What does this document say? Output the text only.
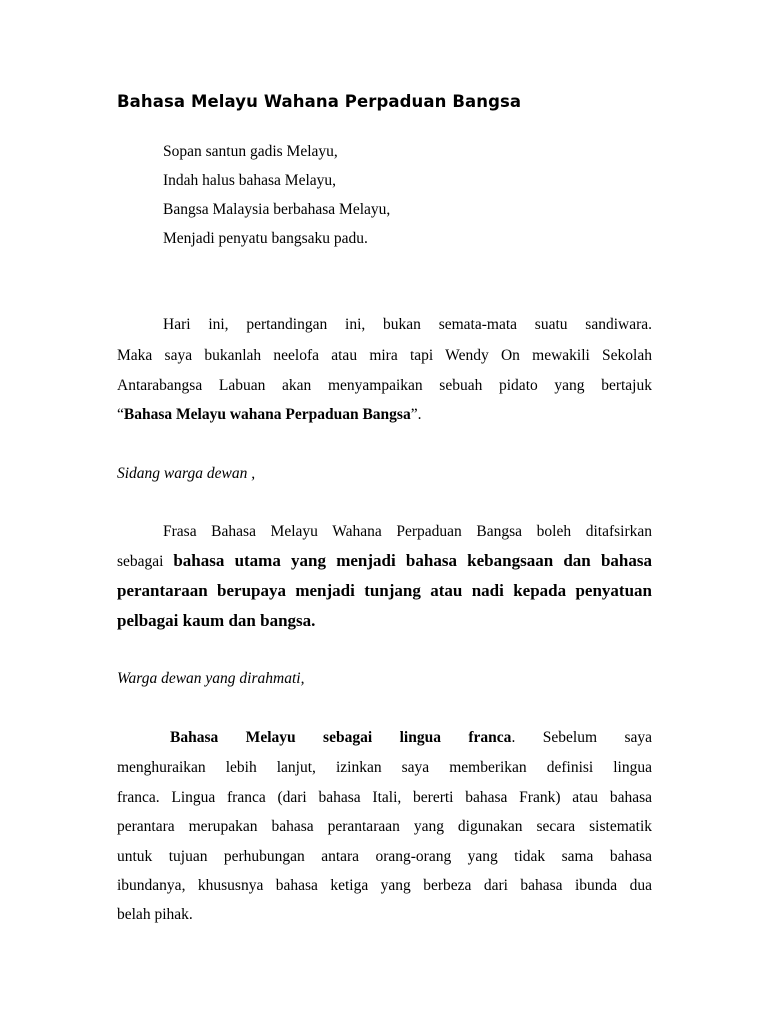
Bahasa Melayu Wahana Perpaduan Bangsa
Sopan santun gadis Melayu,
Indah halus bahasa Melayu,
Bangsa Malaysia berbahasa Melayu,
Menjadi penyatu bangsaku padu.
Hari ini, pertandingan ini, bukan semata-mata suatu sandiwara.
Maka saya bukanlah neelofa atau mira tapi Wendy On mewakili Sekolah
Antarabangsa Labuan akan menyampaikan sebuah pidato yang bertajuk
“Bahasa Melayu wahana Perpaduan Bangsa”.
Sidang warga dewan ,
Frasa Bahasa Melayu Wahana Perpaduan Bangsa boleh ditafsirkan
sebagai bahasa utama yang menjadi bahasa kebangsaan dan bahasa
perantaraan berupaya menjadi tunjang atau nadi kepada penyatuan
pelbagai kaum dan bangsa.
Warga dewan yang dirahmati,
Bahasa Melayu sebagai lingua franca. Sebelum saya
menghuraikan lebih lanjut, izinkan saya memberikan definisi lingua
franca. Lingua franca (dari bahasa Itali, bererti bahasa Frank) atau bahasa
perantara merupakan bahasa perantaraan yang digunakan secara sistematik
untuk tujuan perhubungan antara orang-orang yang tidak sama bahasa
ibundanya, khususnya bahasa ketiga yang berbeza dari bahasa ibunda dua
belah pihak.
